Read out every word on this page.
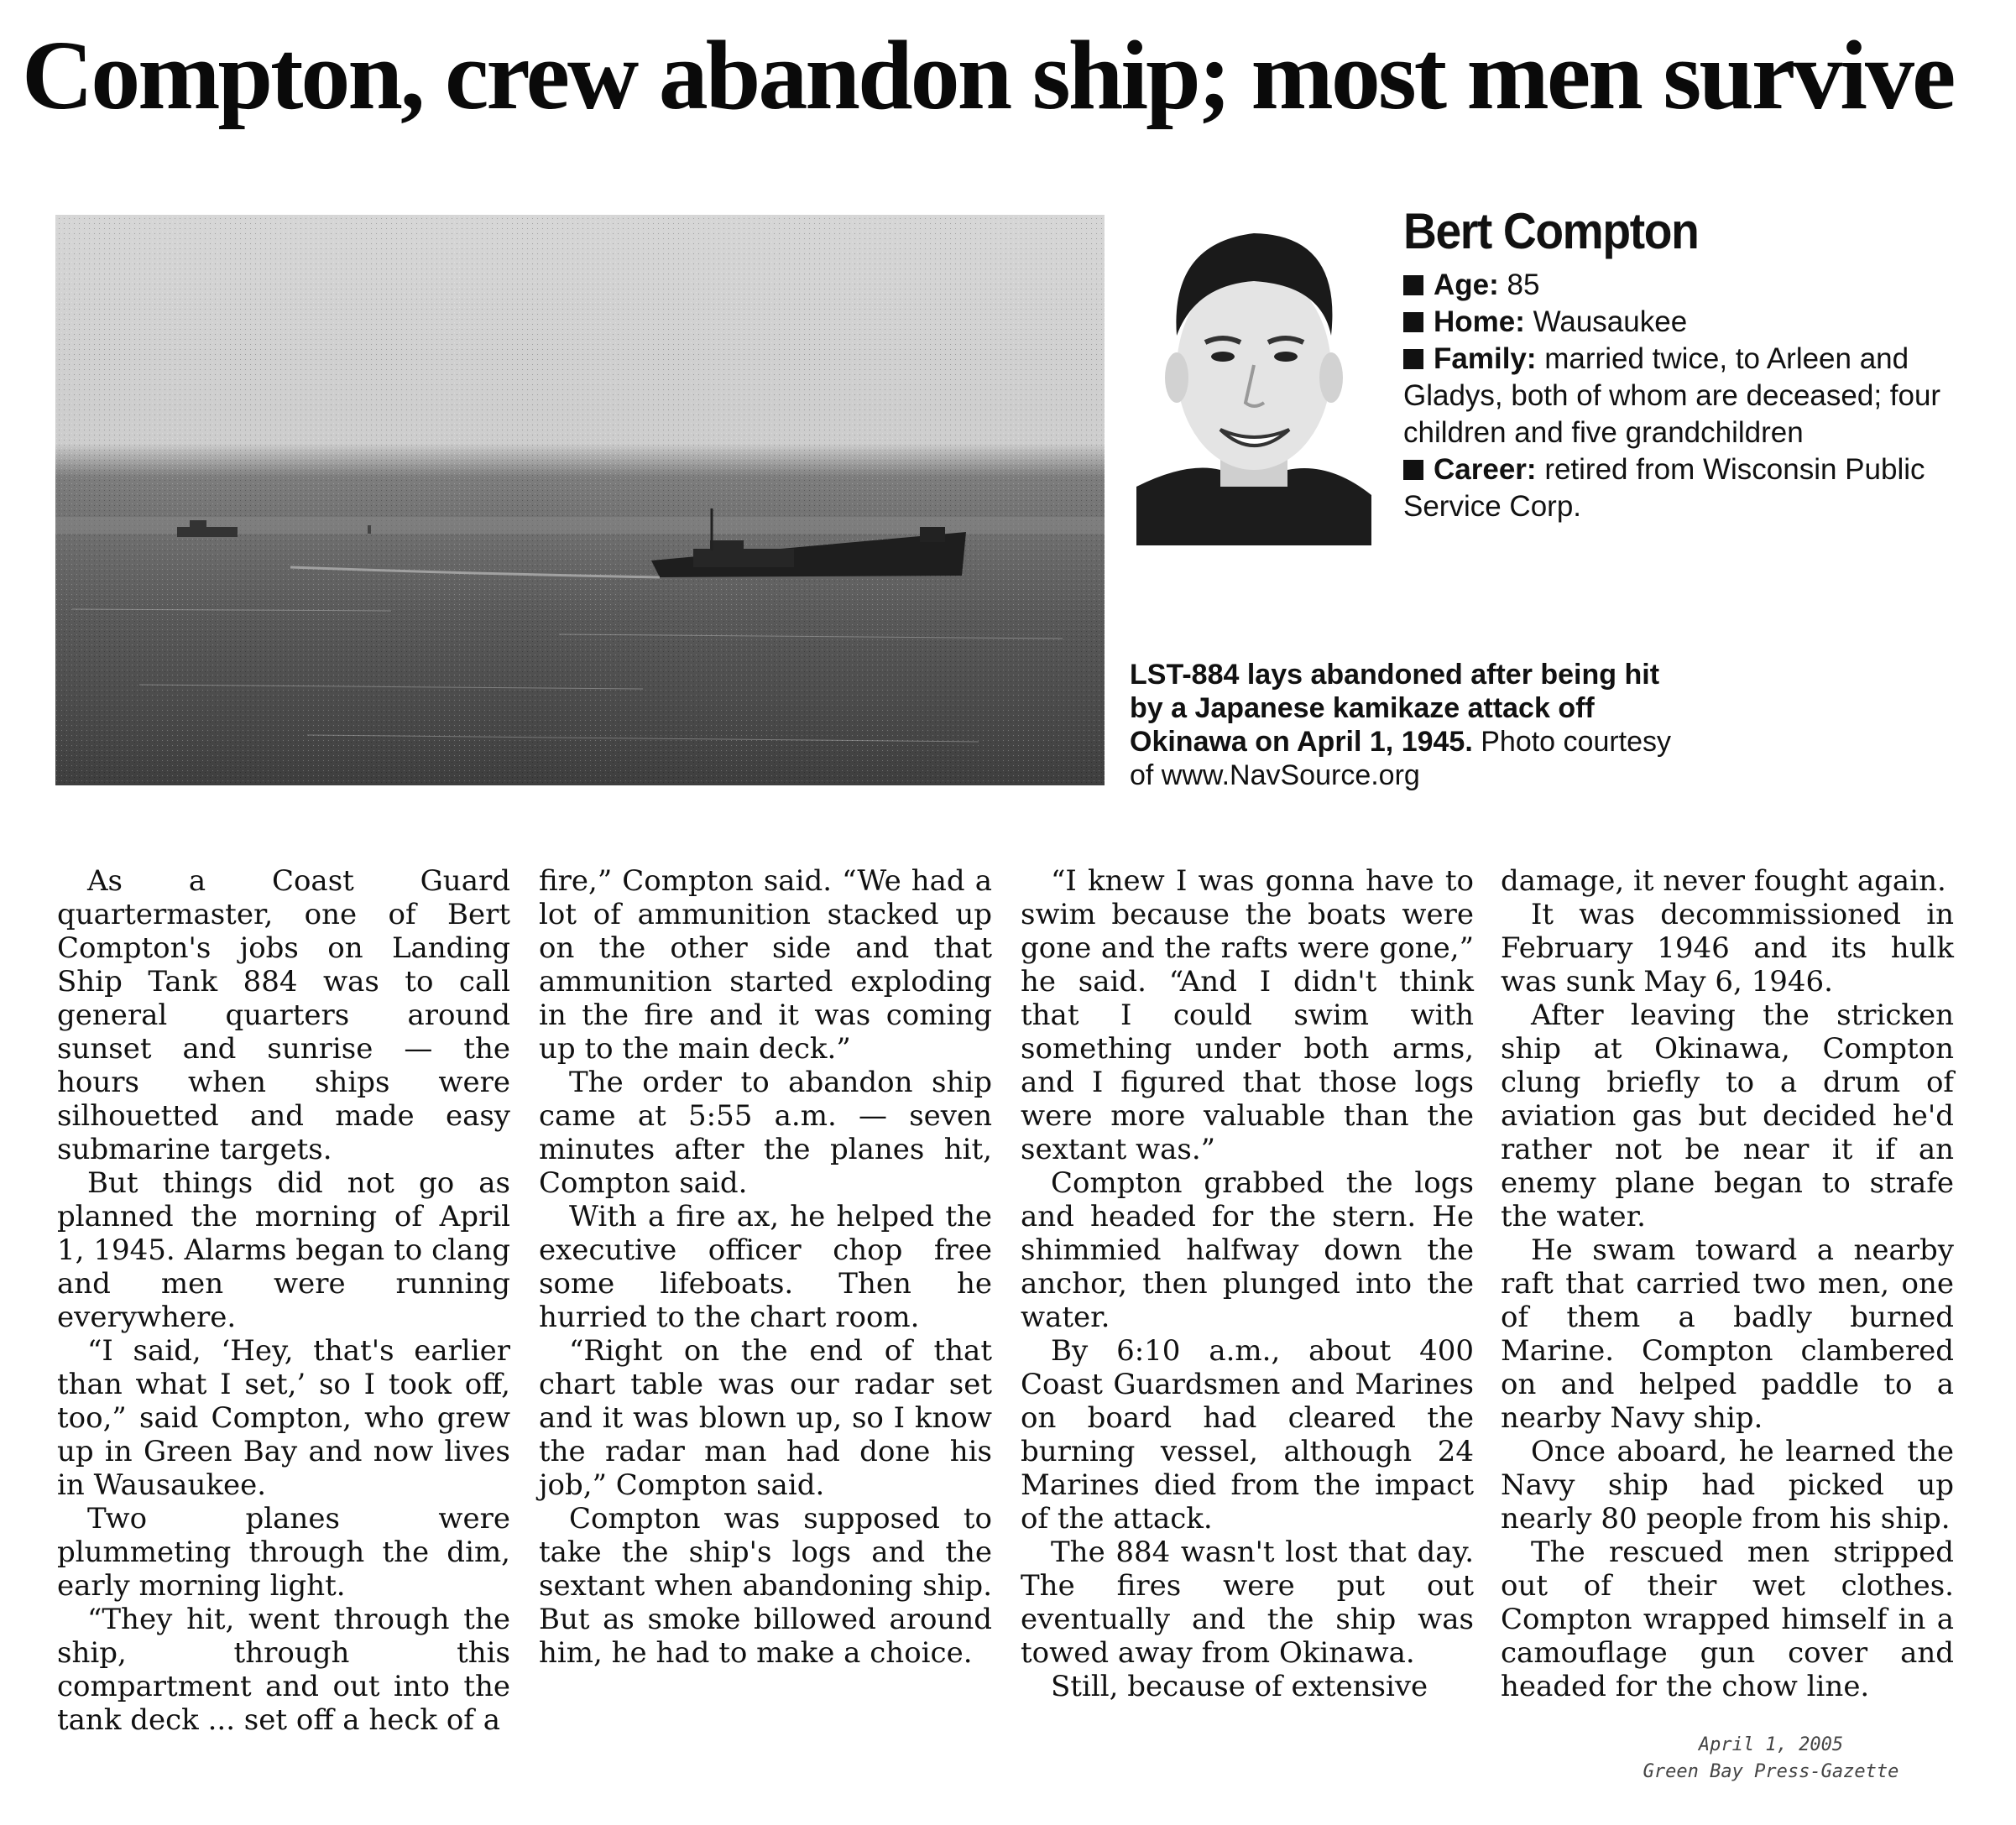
Compton, crew abandon ship; most men survive
Bert Compton
Age: 85
Home: Wausaukee
Family: married twice, to Arleen and Gladys, both of whom are deceased; four children and five grandchildren
Career: retired from Wisconsin Public Service Corp.
LST-884 lays abandoned after being hit by a Japanese kamikaze attack off Okinawa on April 1, 1945. Photo courtesy of www.NavSource.org

As a Coast Guard quartermaster, one of Bert Compton's jobs on Landing Ship Tank 884 was to call general quarters around sunset and sunrise — the hours when ships were silhouetted and made easy submarine targets.

But things did not go as planned the morning of April 1, 1945. Alarms began to clang and men were running everywhere.

“I said, ‘Hey, that's earlier than what I set,’ so I took off, too,” said Compton, who grew up in Green Bay and now lives in Wausaukee.

Two planes were plummeting through the dim, early morning light.

“They hit, went through the ship, through this compartment and out into the tank deck ... set off a heck of a

fire,” Compton said. “We had a lot of ammunition stacked up on the other side and that ammunition started exploding in the fire and it was coming up to the main deck.”

The order to abandon ship came at 5:55 a.m. — seven minutes after the planes hit, Compton said.

With a fire ax, he helped the executive officer chop free some lifeboats. Then he hurried to the chart room.

“Right on the end of that chart table was our radar set and it was blown up, so I know the radar man had done his job,” Compton said.

Compton was supposed to take the ship's logs and the sextant when abandoning ship. But as smoke billowed around him, he had to make a choice.

“I knew I was gonna have to swim because the boats were gone and the rafts were gone,” he said. “And I didn't think that I could swim with something under both arms, and I figured that those logs were more valuable than the sextant was.”

Compton grabbed the logs and headed for the stern. He shimmied halfway down the anchor, then plunged into the water.

By 6:10 a.m., about 400 Coast Guardsmen and Marines on board had cleared the burning vessel, although 24 Marines died from the impact of the attack.

The 884 wasn't lost that day. The fires were put out eventually and the ship was towed away from Okinawa.

Still, because of extensive

damage, it never fought again.

It was decommissioned in February 1946 and its hulk was sunk May 6, 1946.

After leaving the stricken ship at Okinawa, Compton clung briefly to a drum of aviation gas but decided he'd rather not be near it if an enemy plane began to strafe the water.

He swam toward a nearby raft that carried two men, one of them a badly burned Marine. Compton clambered on and helped paddle to a nearby Navy ship.

Once aboard, he learned the Navy ship had picked up nearly 80 people from his ship.

The rescued men stripped out of their wet clothes. Compton wrapped himself in a camouflage gun cover and headed for the chow line.

April 1, 2005
Green Bay Press-Gazette
